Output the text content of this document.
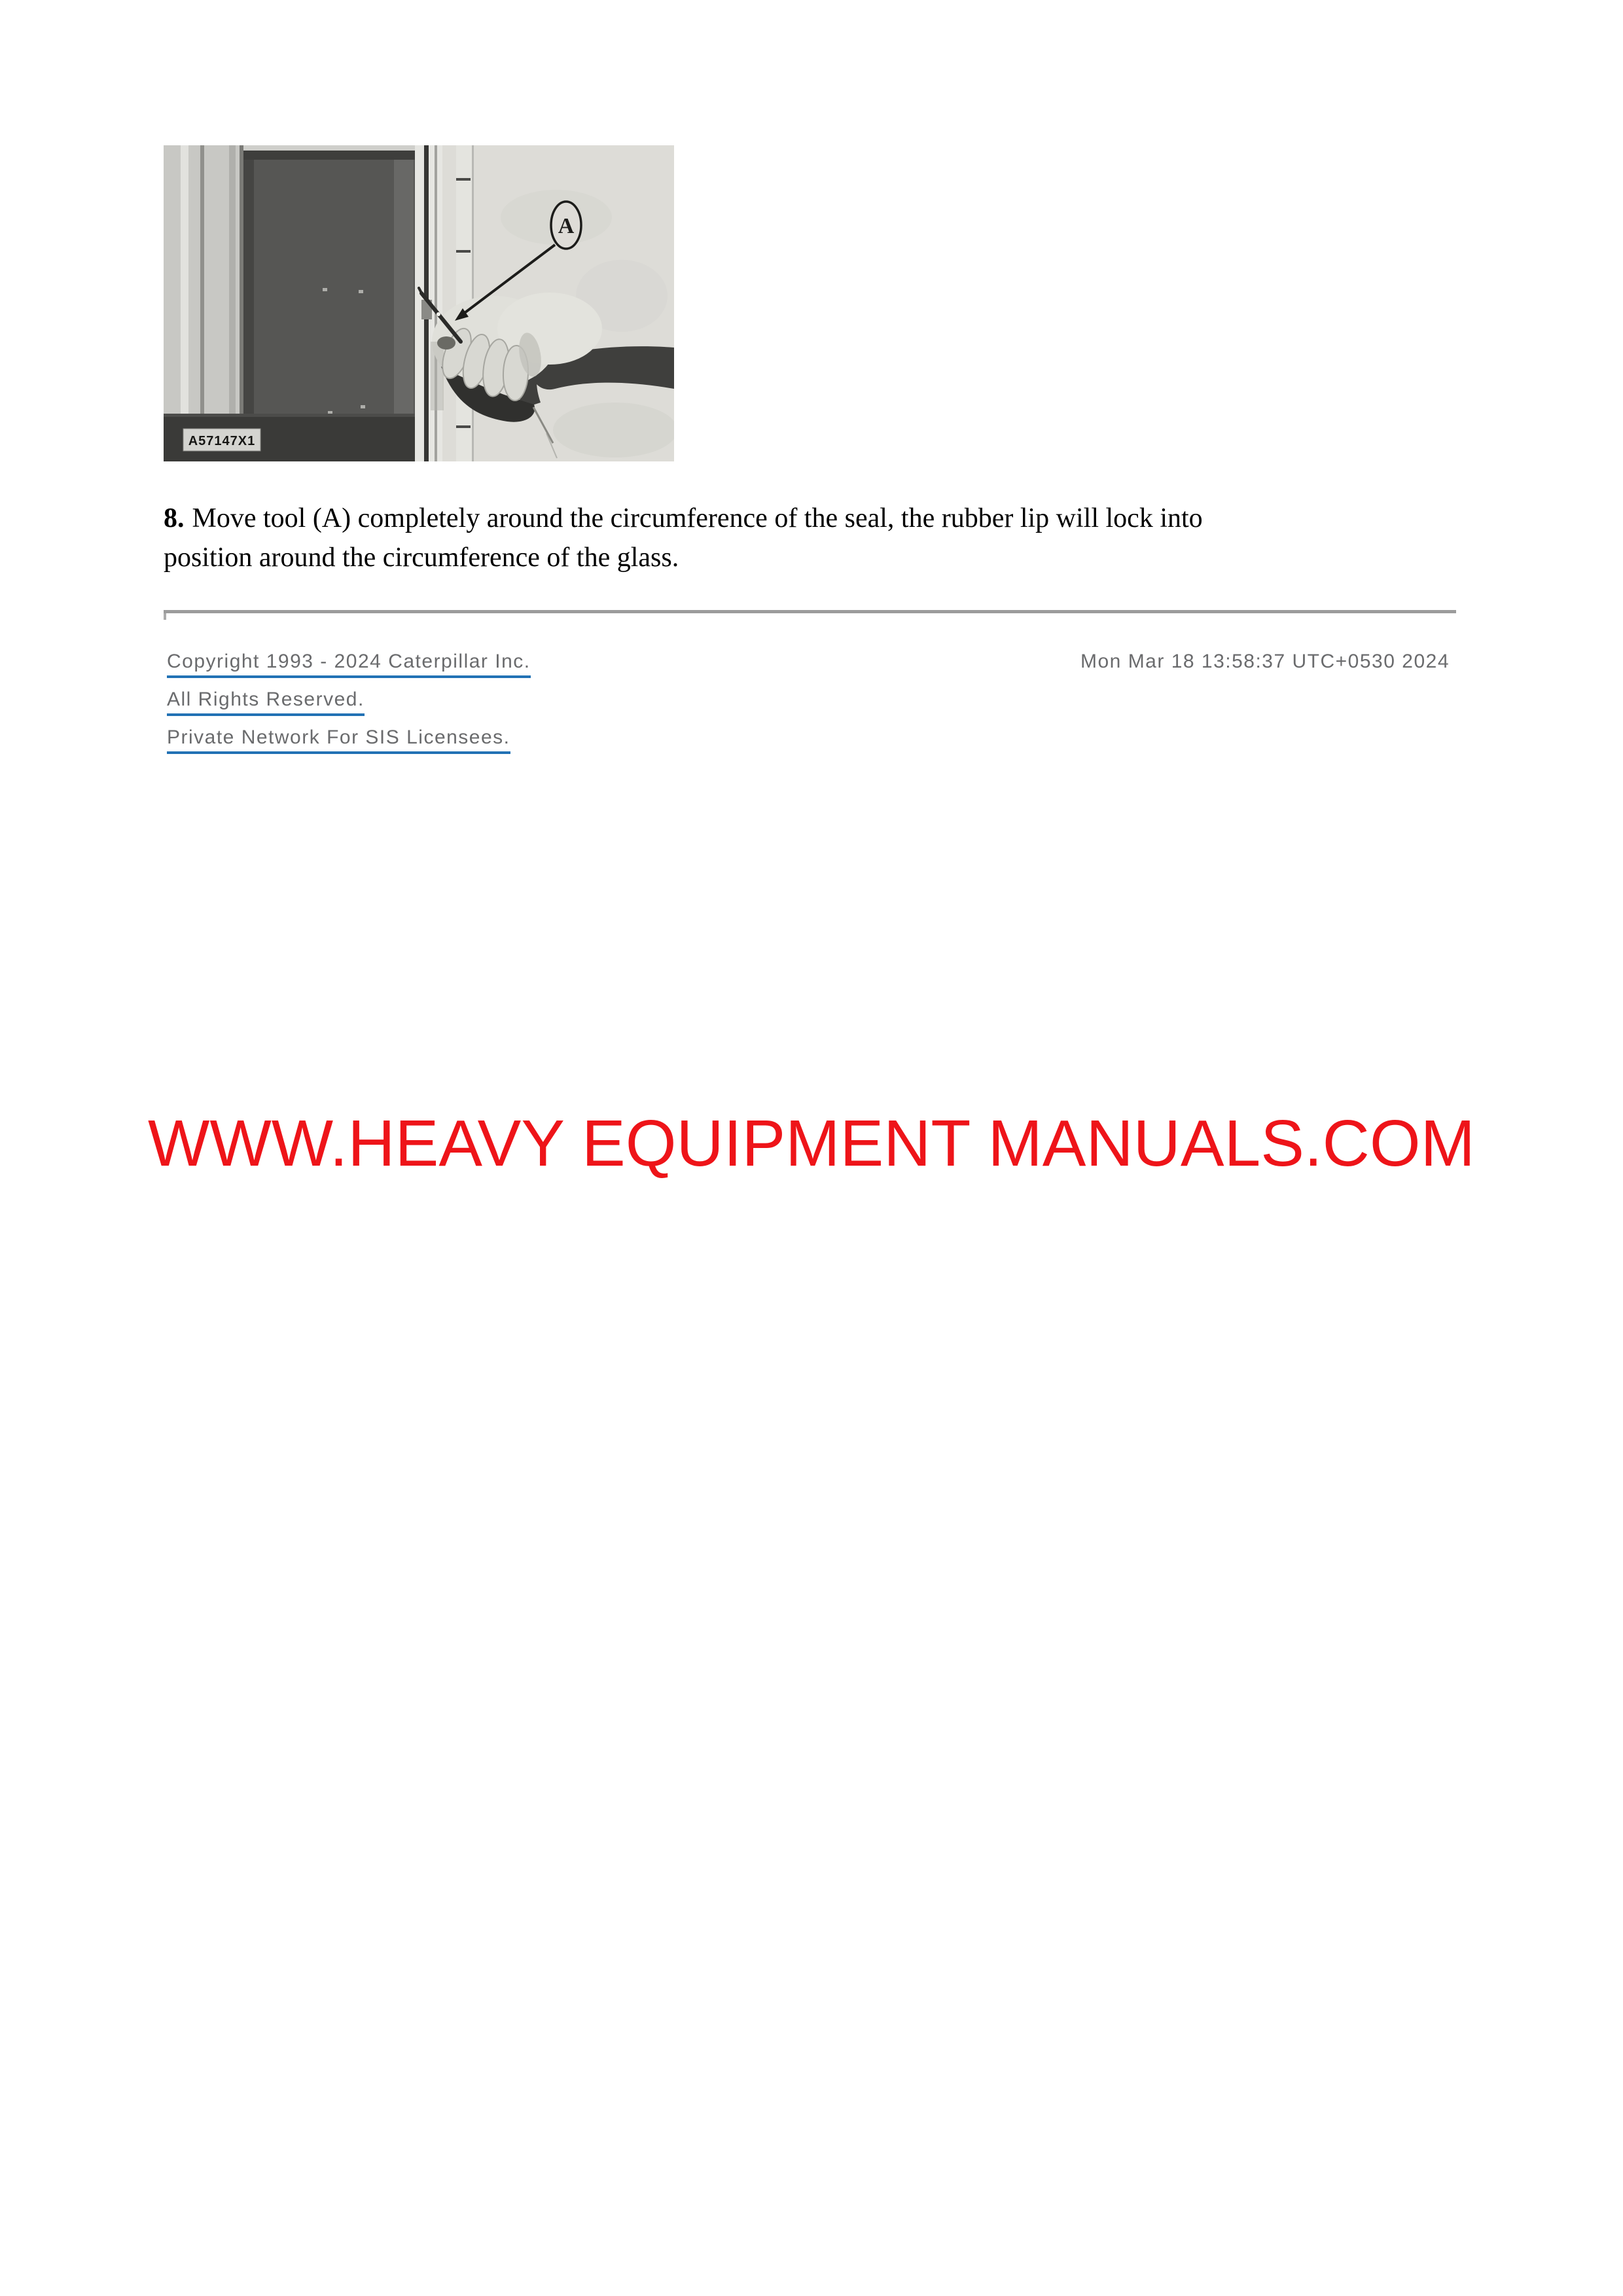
A
A57147X1

8. Move tool (A) completely around the circumference of the seal, the rubber lip will lock into
position around the circumference of the glass.

Copyright 1993 - 2024 Caterpillar Inc.	Mon Mar 18 13:58:37 UTC+0530 2024
All Rights Reserved.
Private Network For SIS Licensees.
WWW.HEAVY EQUIPMENT MANUALS.COM
